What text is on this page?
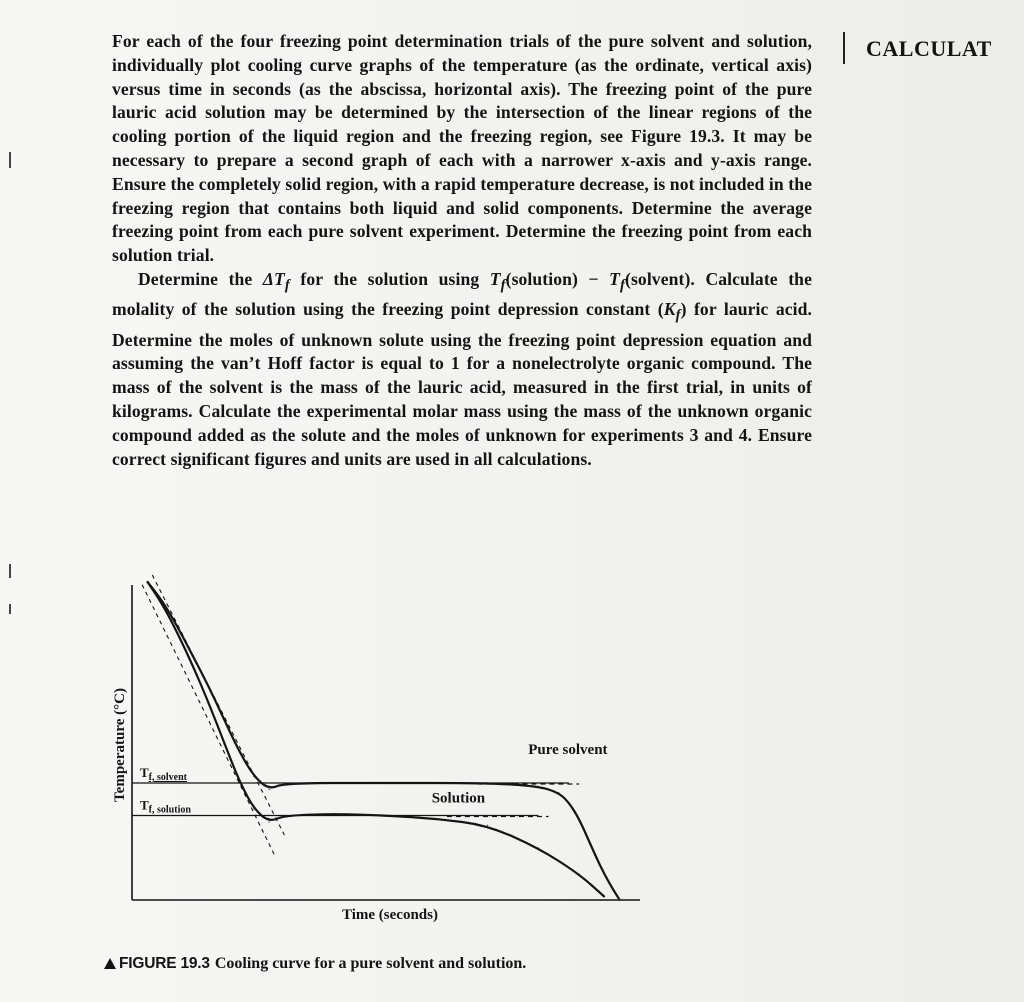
For each of the four freezing point determination trials of the pure solvent and solution, individually plot cooling curve graphs of the temperature (as the ordinate, vertical axis) versus time in seconds (as the abscissa, horizontal axis). The freezing point of the pure lauric acid solution may be determined by the intersection of the linear regions of the cooling portion of the liquid region and the freezing region, see Figure 19.3. It may be necessary to prepare a second graph of each with a narrower x-axis and y-axis range. Ensure the completely solid region, with a rapid temperature decrease, is not included in the freezing region that contains both liquid and solid components. Determine the average freezing point from each pure solvent experiment. Determine the freezing point from each solution trial.

Determine the $\Delta T_f$ for the solution using $T_f(solution)$ − $T_f(solvent)$. Calculate the molality of the solution using the freezing point depression constant $(K_f)$ for lauric acid. Determine the moles of unknown solute using the freezing point depression equation and assuming the van’t Hoff factor is equal to 1 for a nonelectrolyte organic compound. The mass of the solvent is the mass of the lauric acid, measured in the first trial, in units of kilograms. Calculate the experimental molar mass using the mass of the unknown organic compound added as the solute and the moles of unknown for experiments 3 and 4. Ensure correct significant figures and units are used in all calculations.

CALCULAT
Temperature (°C)
Time (seconds)
$T_{f, solvent}$
$T_{f, solution}$
Pure solvent
Solution
FIGURE 19.3 Cooling curve for a pure solvent and solution.
